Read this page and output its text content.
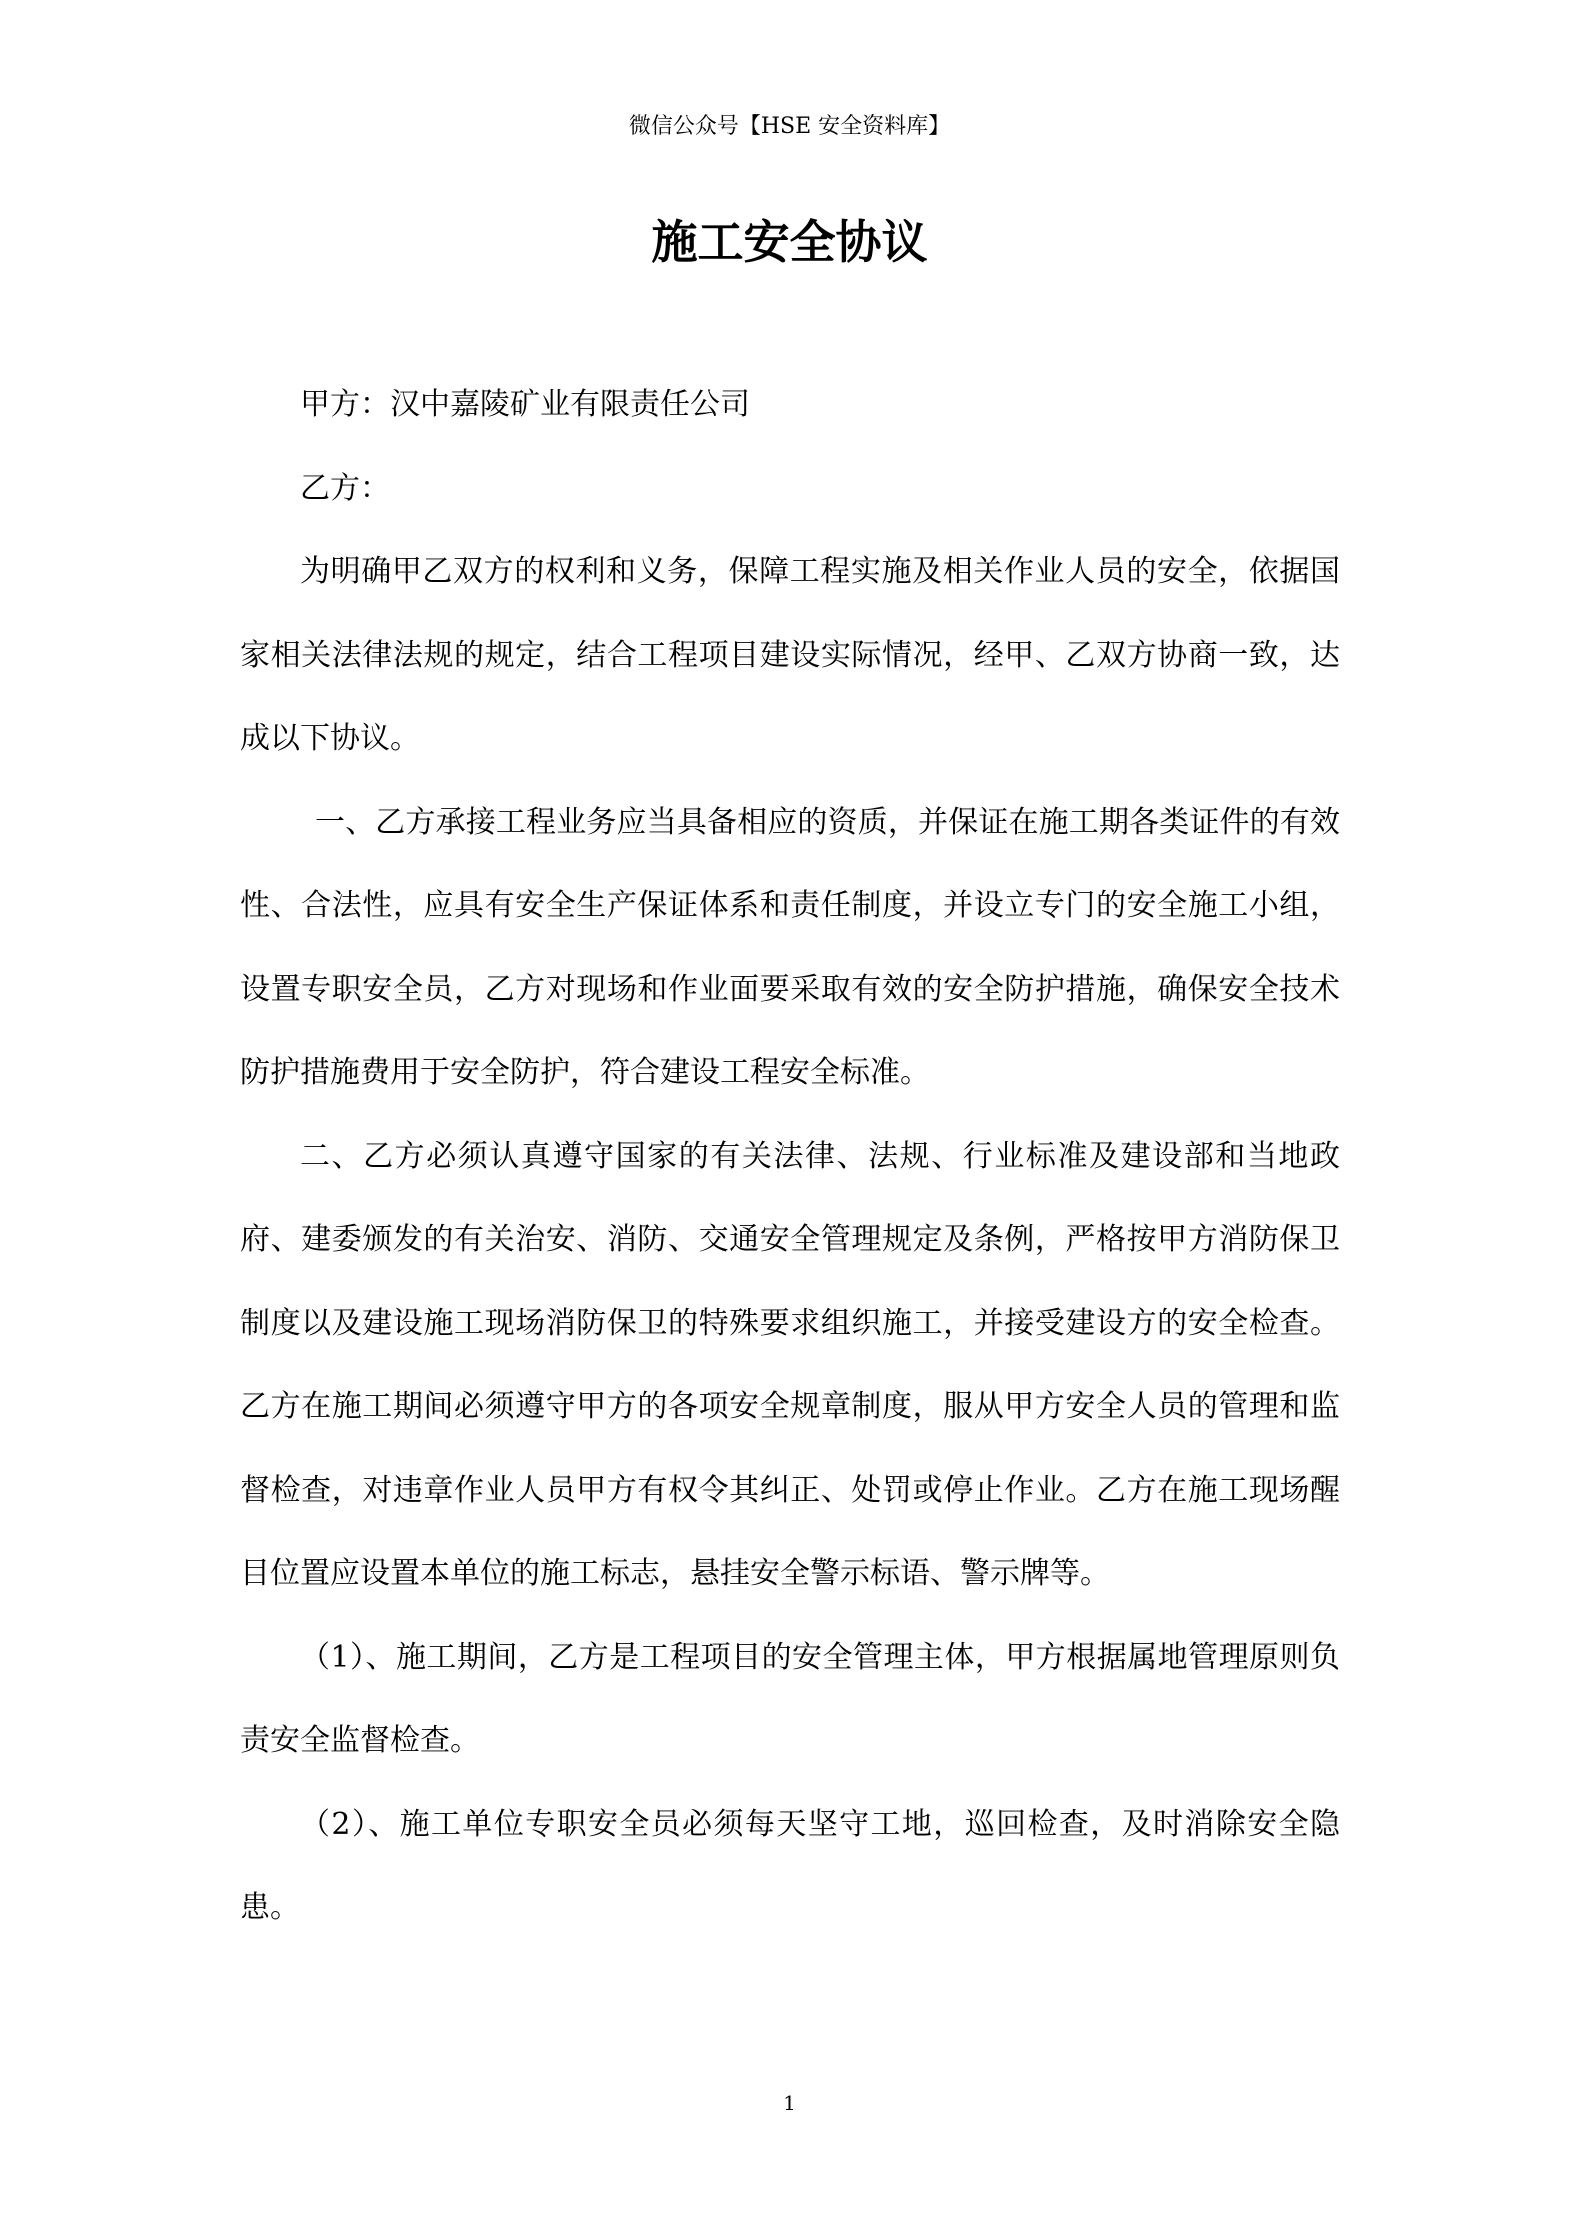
微信公众号【HSE 安全资料库】
施工安全协议

甲方：汉中嘉陵矿业有限责任公司

乙方：

为明确甲乙双方的权利和义务，保障工程实施及相关作业人员的安全，依据国家相关法律法规的规定，结合工程项目建设实际情况，经甲、乙双方协商一致，达成以下协议。

一、乙方承接工程业务应当具备相应的资质，并保证在施工期各类证件的有效性、合法性，应具有安全生产保证体系和责任制度，并设立专门的安全施工小组，设置专职安全员，乙方对现场和作业面要采取有效的安全防护措施，确保安全技术防护措施费用于安全防护，符合建设工程安全标准。

二、乙方必须认真遵守国家的有关法律、法规、行业标准及建设部和当地政府、建委颁发的有关治安、消防、交通安全管理规定及条例，严格按甲方消防保卫制度以及建设施工现场消防保卫的特殊要求组织施工，并接受建设方的安全检查。乙方在施工期间必须遵守甲方的各项安全规章制度，服从甲方安全人员的管理和监督检查，对违章作业人员甲方有权令其纠正、处罚或停止作业。乙方在施工现场醒目位置应设置本单位的施工标志，悬挂安全警示标语、警示牌等。

（1）、施工期间，乙方是工程项目的安全管理主体，甲方根据属地管理原则负责安全监督检查。

（2）、施工单位专职安全员必须每天坚守工地，巡回检查，及时消除安全隐患。

1
